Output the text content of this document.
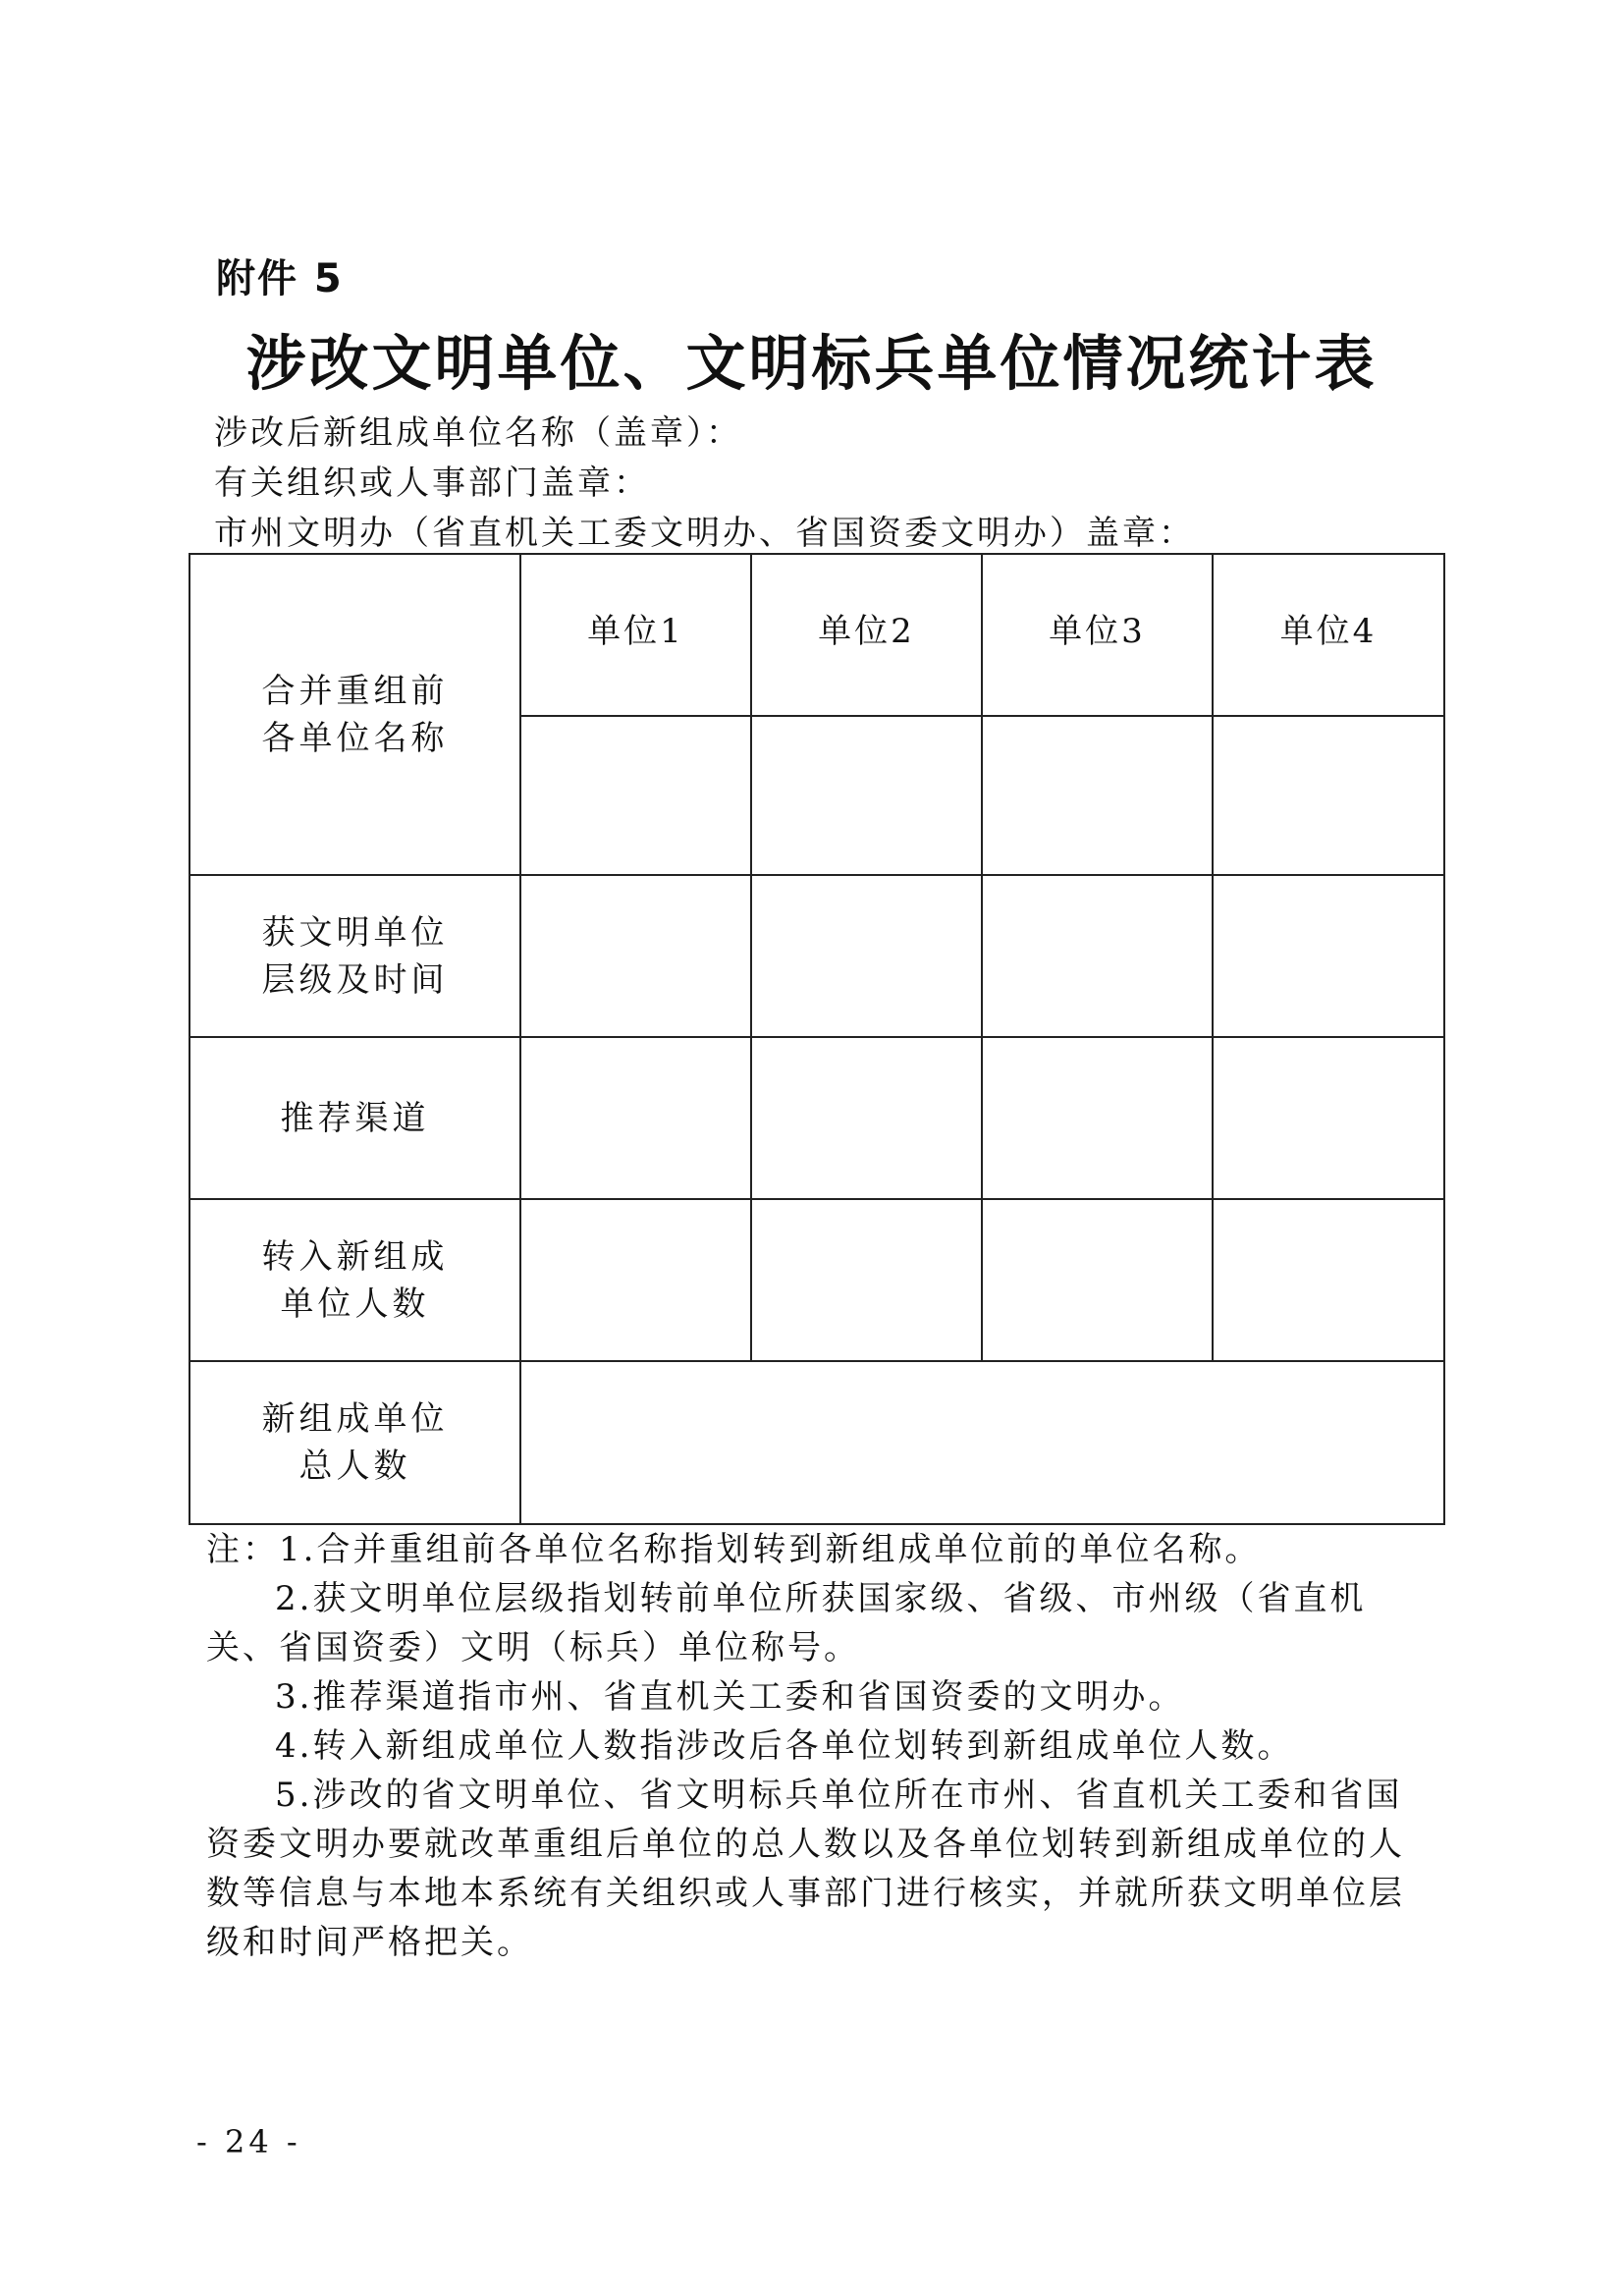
附件 5
涉改文明单位、文明标兵单位情况统计表
涉改后新组成单位名称（盖章）：
有关组织或人事部门盖章：
市州文明办（省直机关工委文明办、省国资委文明办）盖章：
合并重组前
各单位名称	单位1	单位2	单位3	单位4

获文明单位
层级及时间				

推荐渠道				

转入新组成
单位人数				

新组成单位
总人数				

注：1.合并重组前各单位名称指划转到新组成单位前的单位名称。

2.获文明单位层级指划转前单位所获国家级、省级、市州级（省直机关、省国资委）文明（标兵）单位称号。

3.推荐渠道指市州、省直机关工委和省国资委的文明办。

4.转入新组成单位人数指涉改后各单位划转到新组成单位人数。

5.涉改的省文明单位、省文明标兵单位所在市州、省直机关工委和省国资委文明办要就改革重组后单位的总人数以及各单位划转到新组成单位的人数等信息与本地本系统有关组织或人事部门进行核实，并就所获文明单位层级和时间严格把关。

- 24 -
